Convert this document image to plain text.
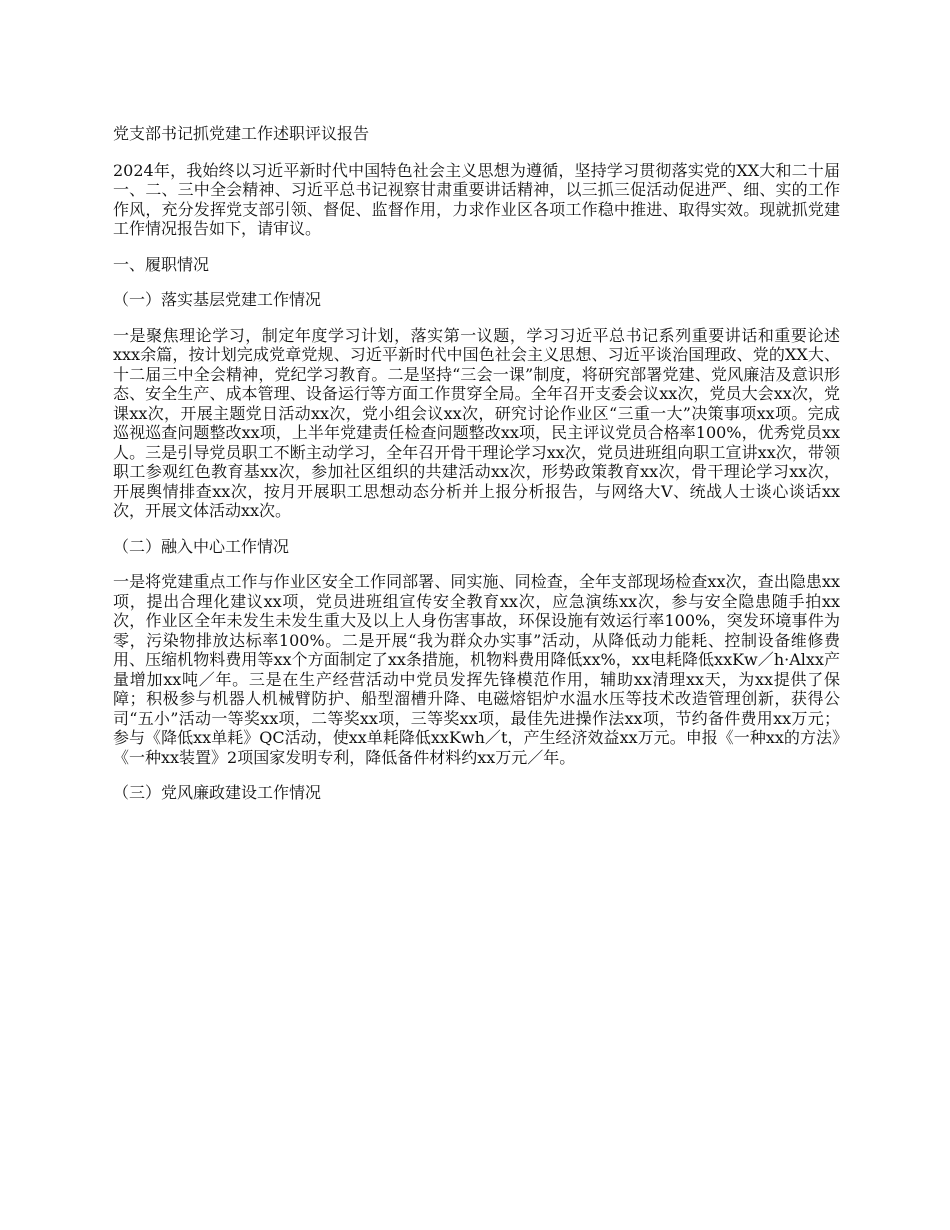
党支部书记抓党建工作述职评议报告

2024年，我始终以习近平新时代中国特色社会主义思想为遵循，坚持学习贯彻落实党的XX大和二十届一、二、三中全会精神、习近平总书记视察甘肃重要讲话精神，以三抓三促活动促进严、细、实的工作作风，充分发挥党支部引领、督促、监督作用，力求作业区各项工作稳中推进、取得实效。现就抓党建工作情况报告如下，请审议。

一、履职情况

（一）落实基层党建工作情况

一是聚焦理论学习，制定年度学习计划，落实第一议题，学习习近平总书记系列重要讲话和重要论述xxx余篇，按计划完成党章党规、习近平新时代中国色社会主义思想、习近平谈治国理政、党的XX大、十二届三中全会精神，党纪学习教育。二是坚持“三会一课”制度，将研究部署党建、党风廉洁及意识形态、安全生产、成本管理、设备运行等方面工作贯穿全局。全年召开支委会议xx次，党员大会xx次，党课xx次，开展主题党日活动xx次，党小组会议xx次，研究讨论作业区“三重一大”决策事项xx项。完成巡视巡查问题整改xx项，上半年党建责任检查问题整改xx项，民主评议党员合格率100%，优秀党员xx人。三是引导党员职工不断主动学习，全年召开骨干理论学习xx次，党员进班组向职工宣讲xx次，带领职工参观红色教育基xx次，参加社区组织的共建活动xx次，形势政策教育xx次，骨干理论学习xx次，开展舆情排查xx次，按月开展职工思想动态分析并上报分析报告，与网络大V、统战人士谈心谈话xx次，开展文体活动xx次。

（二）融入中心工作情况

一是将党建重点工作与作业区安全工作同部署、同实施、同检查，全年支部现场检查xx次，查出隐患xx项，提出合理化建议xx项，党员进班组宣传安全教育xx次，应急演练xx次，参与安全隐患随手拍xx次，作业区全年未发生未发生重大及以上人身伤害事故，环保设施有效运行率100%，突发环境事件为零，污染物排放达标率100%。二是开展“我为群众办实事”活动，从降低动力能耗、控制设备维修费用、压缩机物料费用等xx个方面制定了xx条措施，机物料费用降低xx%，xx电耗降低xxKw／h·Alxx产量增加xx吨／年。三是在生产经营活动中党员发挥先锋模范作用，辅助xx清理xx天，为xx提供了保障；积极参与机器人机械臂防护、船型溜槽升降、电磁熔铝炉水温水压等技术改造管理创新，获得公司“五小”活动一等奖xx项，二等奖xx项，三等奖xx项，最佳先进操作法xx项，节约备件费用xx万元；参与《降低xx单耗》QC活动，使xx单耗降低xxKwh／t，产生经济效益xx万元。申报《一种xx的方法》《一种xx装置》2项国家发明专利，降低备件材料约xx万元／年。

（三）党风廉政建设工作情况
